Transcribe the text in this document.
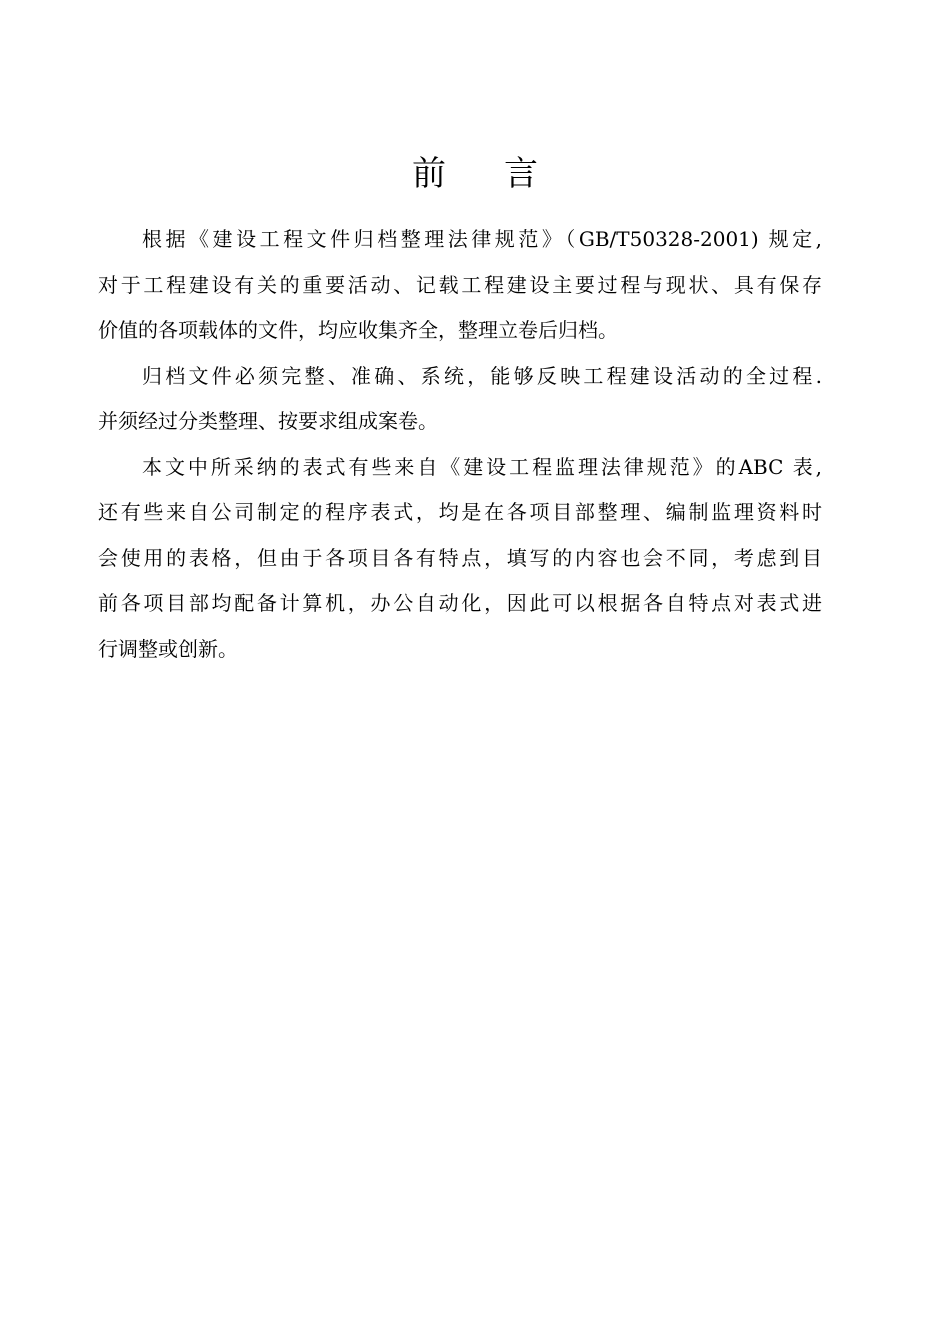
前言
根据《建设工程文件归档整理法律规范》（GB/T50328-2001) 规定,
对于工程建设有关的重要活动、记载工程建设主要过程与现状、具有保存
价值的各项载体的文件，均应收集齐全，整理立卷后归档。
归档文件必须完整、准确、系统，能够反映工程建设活动的全过程.
并须经过分类整理、按要求组成案卷。
本文中所采纳的表式有些来自《建设工程监理法律规范》的ABC 表,
还有些来自公司制定的程序表式，均是在各项目部整理、编制监理资料时
会使用的表格，但由于各项目各有特点，填写的内容也会不同，考虑到目
前各项目部均配备计算机，办公自动化，因此可以根据各自特点对表式进
行调整或创新。
